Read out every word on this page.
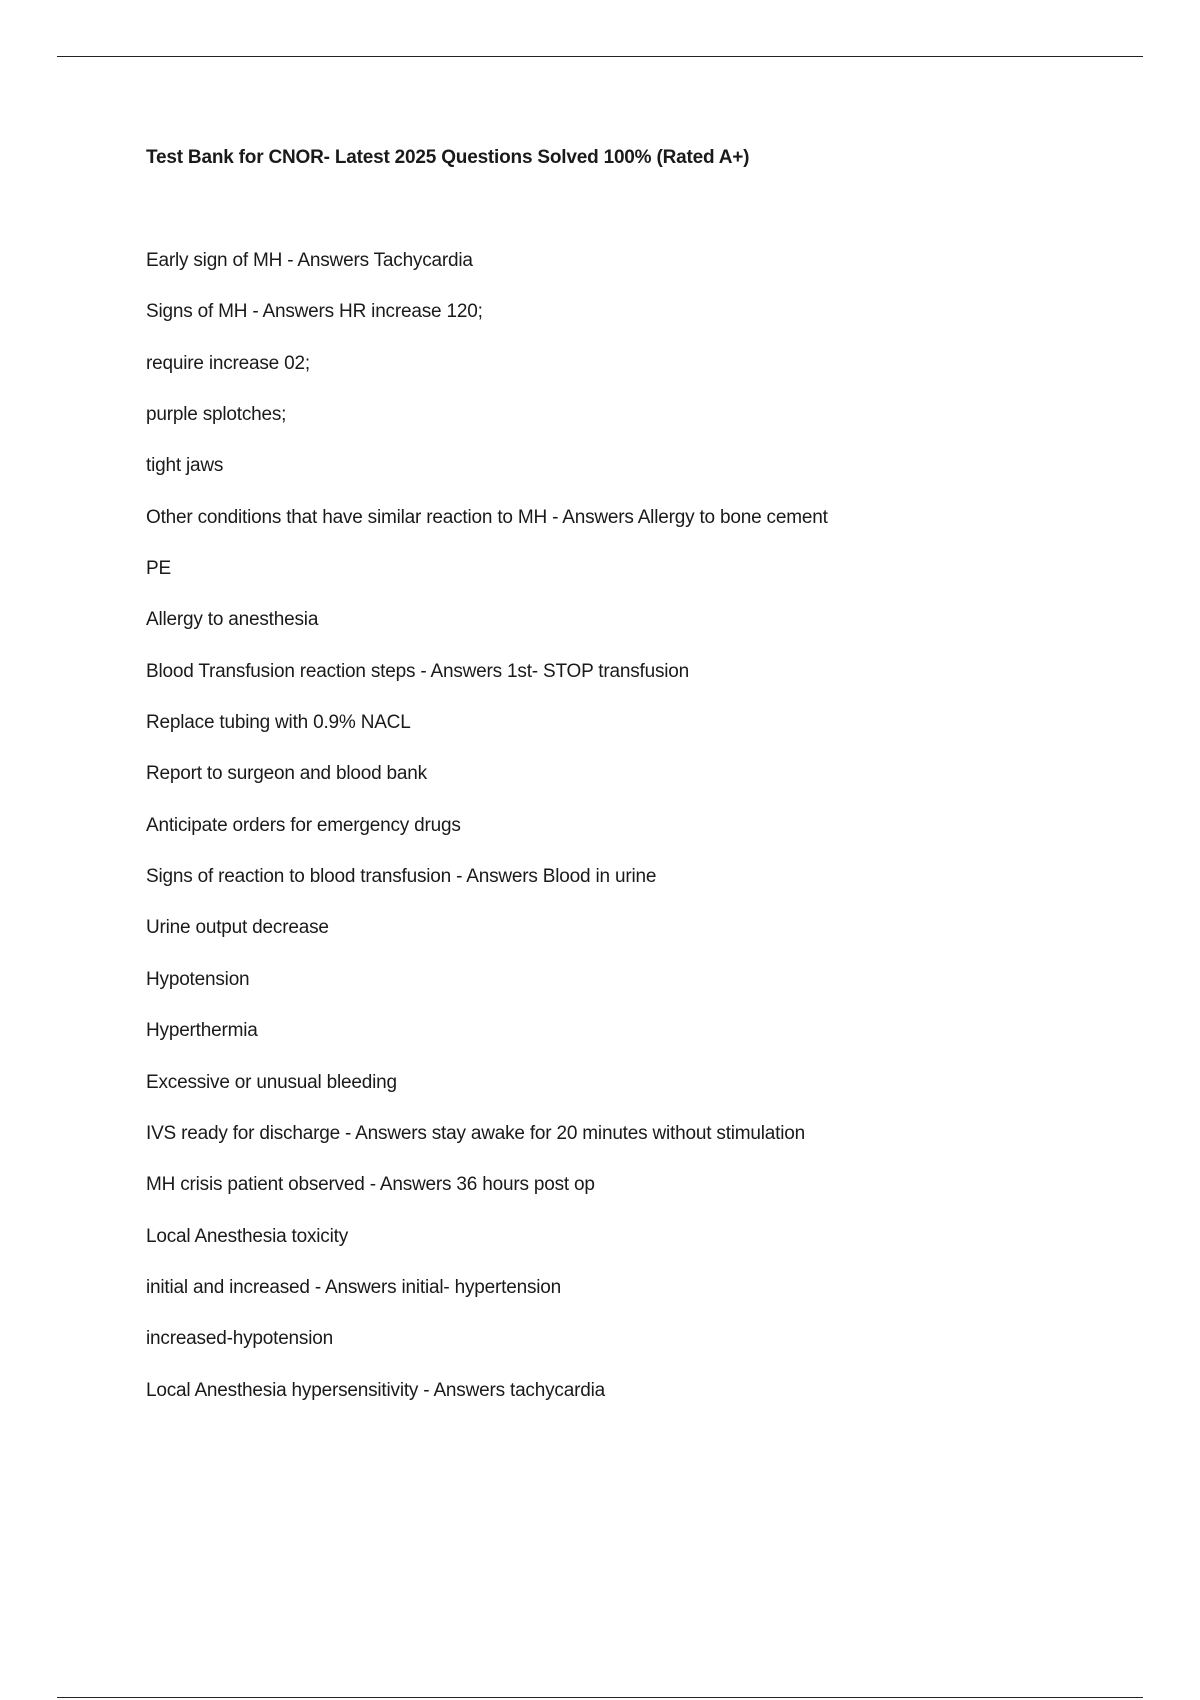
Test Bank for CNOR- Latest 2025 Questions Solved 100% (Rated A+)
Early sign of MH - Answers Tachycardia
Signs of MH - Answers HR increase 120;
require increase 02;
purple splotches;
tight jaws
Other conditions that have similar reaction to MH - Answers Allergy to bone cement
PE
Allergy to anesthesia
Blood Transfusion reaction steps - Answers 1st- STOP transfusion
Replace tubing with 0.9% NACL
Report to surgeon and blood bank
Anticipate orders for emergency drugs
Signs of reaction to blood transfusion - Answers Blood in urine
Urine output decrease
Hypotension
Hyperthermia
Excessive or unusual bleeding
IVS ready for discharge - Answers stay awake for 20 minutes without stimulation
MH crisis patient observed - Answers 36 hours post op
Local Anesthesia toxicity
initial and increased - Answers initial- hypertension
increased-hypotension
Local Anesthesia hypersensitivity - Answers tachycardia
